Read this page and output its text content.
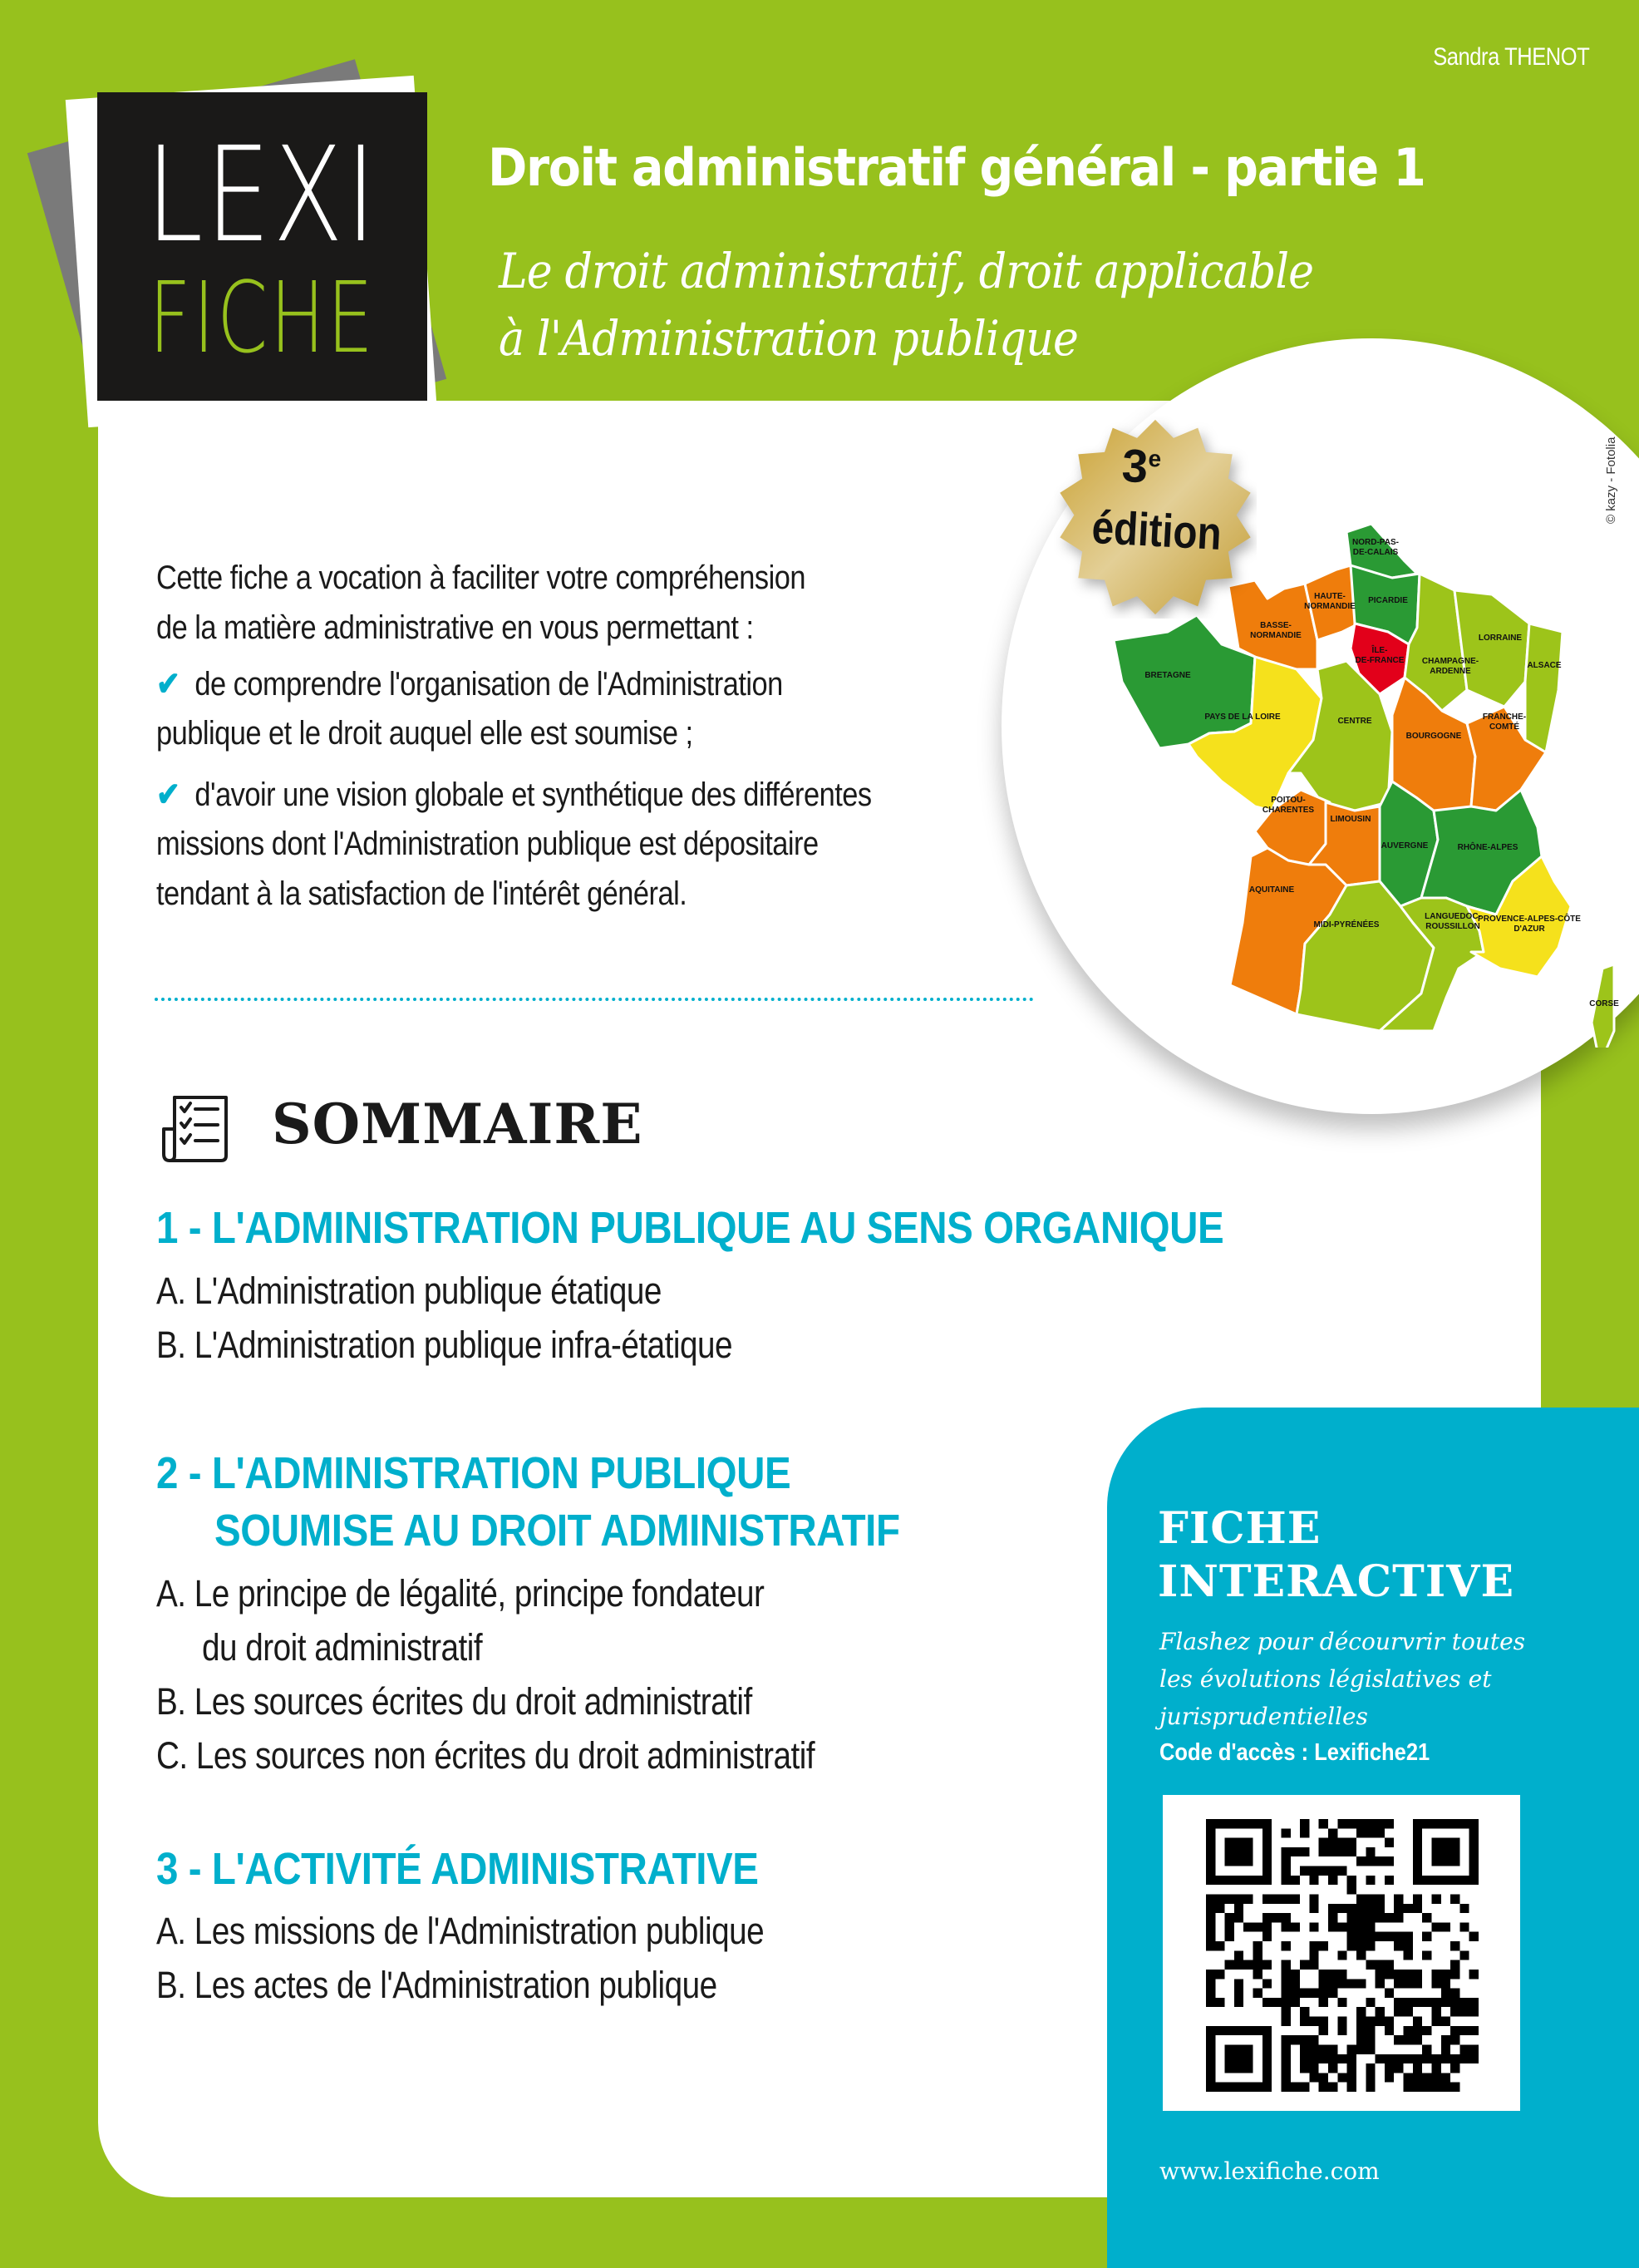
Sandra THENOT
LEXI
FICHE
Droit administratif général - partie 1
Le droit administratif, droit applicable
à l'Administration publique
© kazy - Fotolia
NORD-PAS-
DE-CALAIS
PICARDIE
HAUTE-
NORMANDIE
BASSE-
NORMANDIE
ÎLE-
DE-FRANCE CHAMPAGNE-
ARDENNE
LORRAINE
ALSACE
BRETAGNE
PAYS DE LA LOIRE	CENTRE
BOURGOGNE
FRANCHE-
COMTÉ
POITOU-
CHARENTES
LIMOUSIN
AUVERGNE	RHÔNE-ALPES
AQUITAINE
MIDI-PYRÉNÉES
LANGUEDOC-
ROUSSILLON
PROVENCE-ALPES-CÔTE
D'AZUR
CORSE
3e
édition
Cette fiche a vocation à faciliter votre compréhension
de la matière administrative en vous permettant :
✔ de comprendre l'organisation de l'Administration
publique et le droit auquel elle est soumise ;
✔ d'avoir une vision globale et synthétique des différentes
missions dont l'Administration publique est dépositaire
tendant à la satisfaction de l'intérêt général.
SOMMAIRE
1 - L'ADMINISTRATION PUBLIQUE AU SENS ORGANIQUE
A. L'Administration publique étatique
B. L'Administration publique infra-étatique
2 - L'ADMINISTRATION PUBLIQUE
SOUMISE AU DROIT ADMINISTRATIF
A. Le principe de légalité, principe fondateur
du droit administratif
B. Les sources écrites du droit administratif
C. Les sources non écrites du droit administratif
3 - L'ACTIVITÉ ADMINISTRATIVE
A. Les missions de l'Administration publique
B. Les actes de l'Administration publique
FICHE
INTERACTIVE
Flashez pour décourvrir toutes
les évolutions législatives et
jurisprudentielles
Code d'accès : Lexifiche21
www.lexifiche.com
